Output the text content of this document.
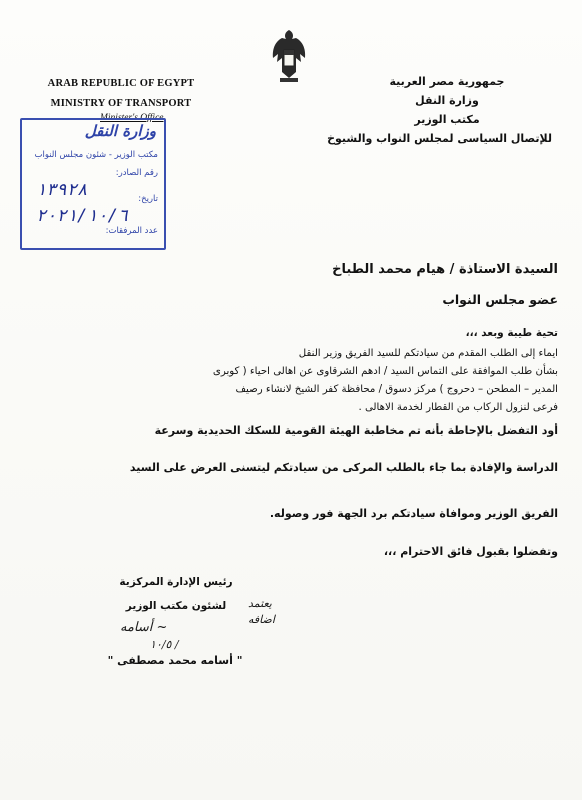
ARAB REPUBLIC OF EGYPT
MINISTRY OF TRANSPORT
Minister's Office
جمهورية مصر العربية
وزارة النقل
مكتب الوزير
للإتصال السياسى لمجلس النواب والشيوخ
وزارة النقل
مكتب الوزير - شئون مجلس النواب
رقم الصادر:
١٣٩٢٨	تاريخ:
٢٠٢١/١٠/٦
عدد المرفقات:
السيدة الاستاذة / هيام محمد الطباخ
عضو مجلس النواب
تحية طيبة وبعد ،،،
ايماء إلى الطلب المقدم من سيادتكم للسيد الفريق وزير النقل
بشأن طلب الموافقة على التماس السيد / ادهم الشرقاوى عن اهالى احياء ( كوبرى
المدير – المطحن – دحروج ) مركز دسوق / محافظة كفر الشيخ لانشاء رصيف
فرعى لنزول الركاب من القطار لخدمة الاهالى .
أود التفضل بالإحاطة بأنه تم مخاطبة الهيئة القومية للسكك الحديدية وسرعة
الدراسة والإفادة بما جاء بالطلب المركى من سيادتكم ليتسنى العرض على السيد
الفريق الوزير وموافاة سيادتكم برد الجهة فور وصوله.
وتفضلوا بقبول فائق الاحترام ،،،
رئيس الإدارة المركزية
لشئون مكتب الوزير
أسامه ~
١٠/٥ /
يعتمد
اضافه
" أسامه محمد مصطفى "
